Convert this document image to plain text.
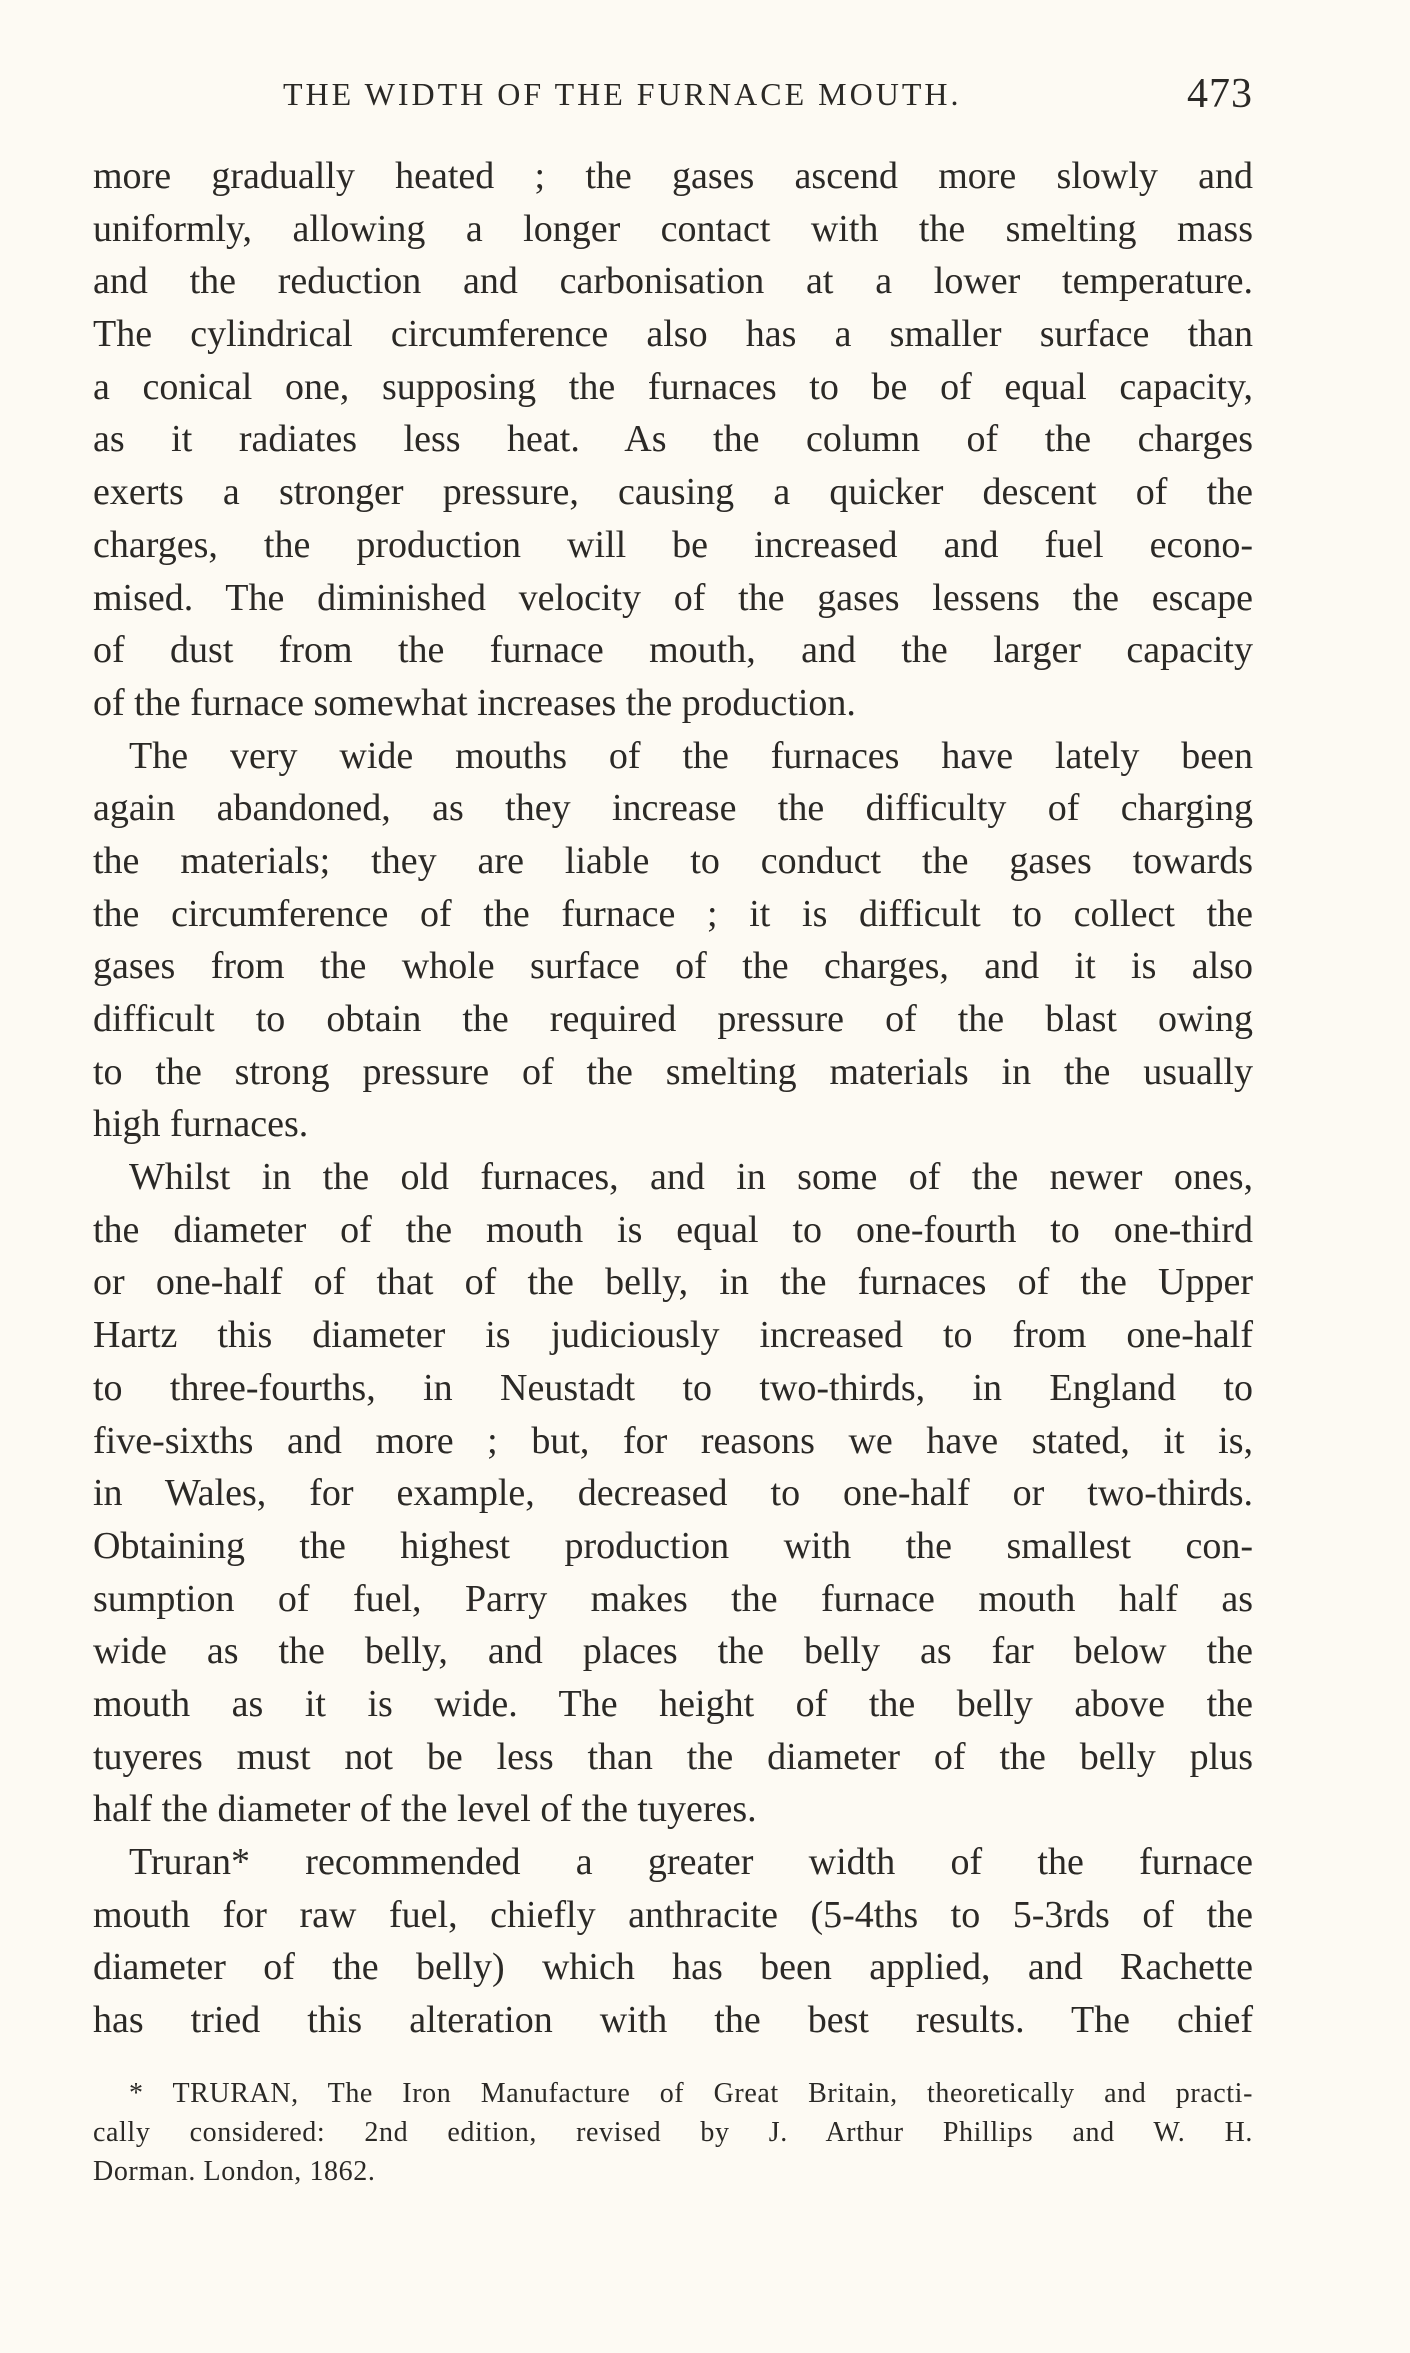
THE WIDTH OF THE FURNACE MOUTH.	473
more gradually heated ; the gases ascend more slowly and
uniformly, allowing a longer contact with the smelting mass
and the reduction and carbonisation at a lower temperature.
The cylindrical circumference also has a smaller surface than
a conical one, supposing the furnaces to be of equal capacity,
as it radiates less heat. As the column of the charges
exerts a stronger pressure, causing a quicker descent of the
charges, the production will be increased and fuel econo-
mised. The diminished velocity of the gases lessens the escape
of dust from the furnace mouth, and the larger capacity
of the furnace somewhat increases the production.
The very wide mouths of the furnaces have lately been
again abandoned, as they increase the difficulty of charging
the materials; they are liable to conduct the gases towards
the circumference of the furnace ; it is difficult to collect the
gases from the whole surface of the charges, and it is also
difficult to obtain the required pressure of the blast owing
to the strong pressure of the smelting materials in the usually
high furnaces.
Whilst in the old furnaces, and in some of the newer ones,
the diameter of the mouth is equal to one-fourth to one-third
or one-half of that of the belly, in the furnaces of the Upper
Hartz this diameter is judiciously increased to from one-half
to three-fourths, in Neustadt to two-thirds, in England to
five-sixths and more ; but, for reasons we have stated, it is,
in Wales, for example, decreased to one-half or two-thirds.
Obtaining the highest production with the smallest con-
sumption of fuel, Parry makes the furnace mouth half as
wide as the belly, and places the belly as far below the
mouth as it is wide. The height of the belly above the
tuyeres must not be less than the diameter of the belly plus
half the diameter of the level of the tuyeres.
Truran* recommended a greater width of the furnace
mouth for raw fuel, chiefly anthracite (5-4ths to 5-3rds of the
diameter of the belly) which has been applied, and Rachette
has tried this alteration with the best results. The chief
* TRURAN, The Iron Manufacture of Great Britain, theoretically and practi-
cally considered: 2nd edition, revised by J. Arthur Phillips and W. H.
Dorman. London, 1862.
